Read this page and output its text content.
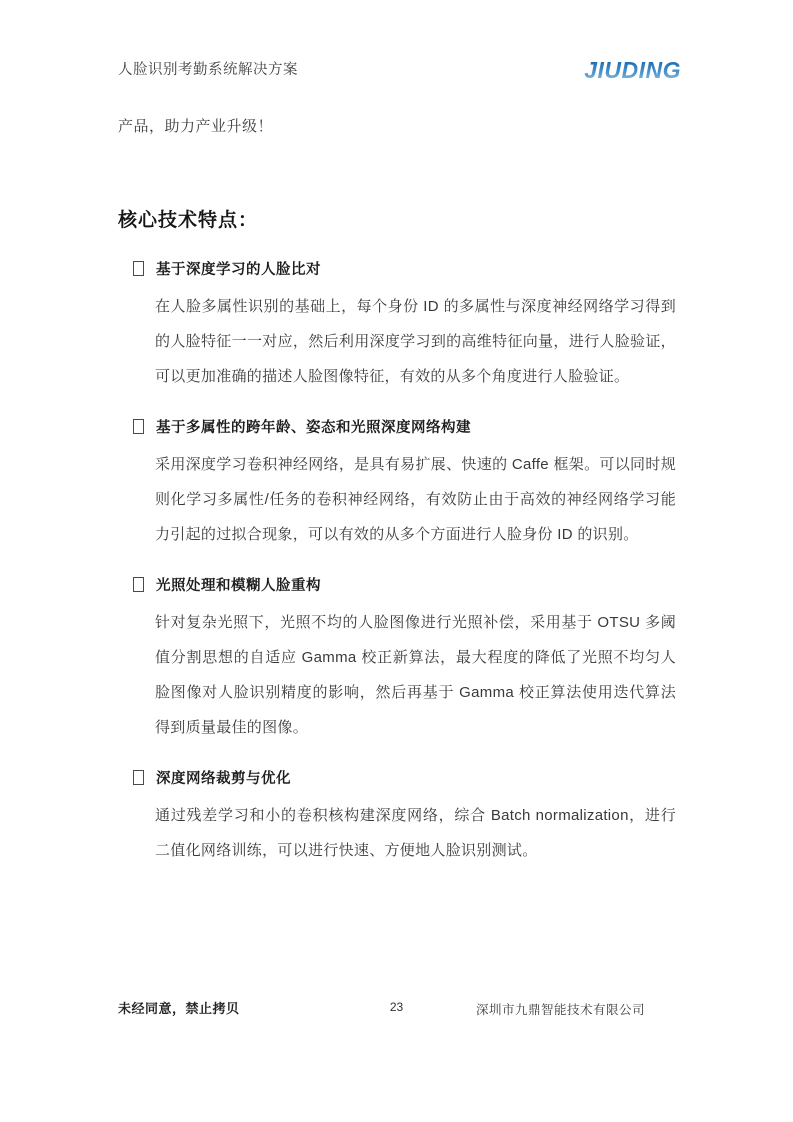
人脸识别考勤系统解决方案	JIUDING
产品，助力产业升级！
核心技术特点：
基于深度学习的人脸比对

在人脸多属性识别的基础上，每个身份 ID 的多属性与深度神经网络学习得到的人脸特征一一对应，然后利用深度学习到的高维特征向量，进行人脸验证，可以更加准确的描述人脸图像特征，有效的从多个角度进行人脸验证。

基于多属性的跨年龄、姿态和光照深度网络构建

采用深度学习卷积神经网络，是具有易扩展、快速的 Caffe 框架。可以同时规则化学习多属性/任务的卷积神经网络，有效防止由于高效的神经网络学习能力引起的过拟合现象，可以有效的从多个方面进行人脸身份 ID 的识别。

光照处理和模糊人脸重构

针对复杂光照下，光照不均的人脸图像进行光照补偿，采用基于 OTSU 多阈值分割思想的自适应 Gamma 校正新算法，最大程度的降低了光照不均匀人脸图像对人脸识别精度的影响，然后再基于 Gamma 校正算法使用迭代算法得到质量最佳的图像。

深度网络裁剪与优化

通过残差学习和小的卷积核构建深度网络，综合 Batch normalization，进行二值化网络训练，可以进行快速、方便地人脸识别测试。

未经同意，禁止拷贝	23	深圳市九鼎智能技术有限公司
